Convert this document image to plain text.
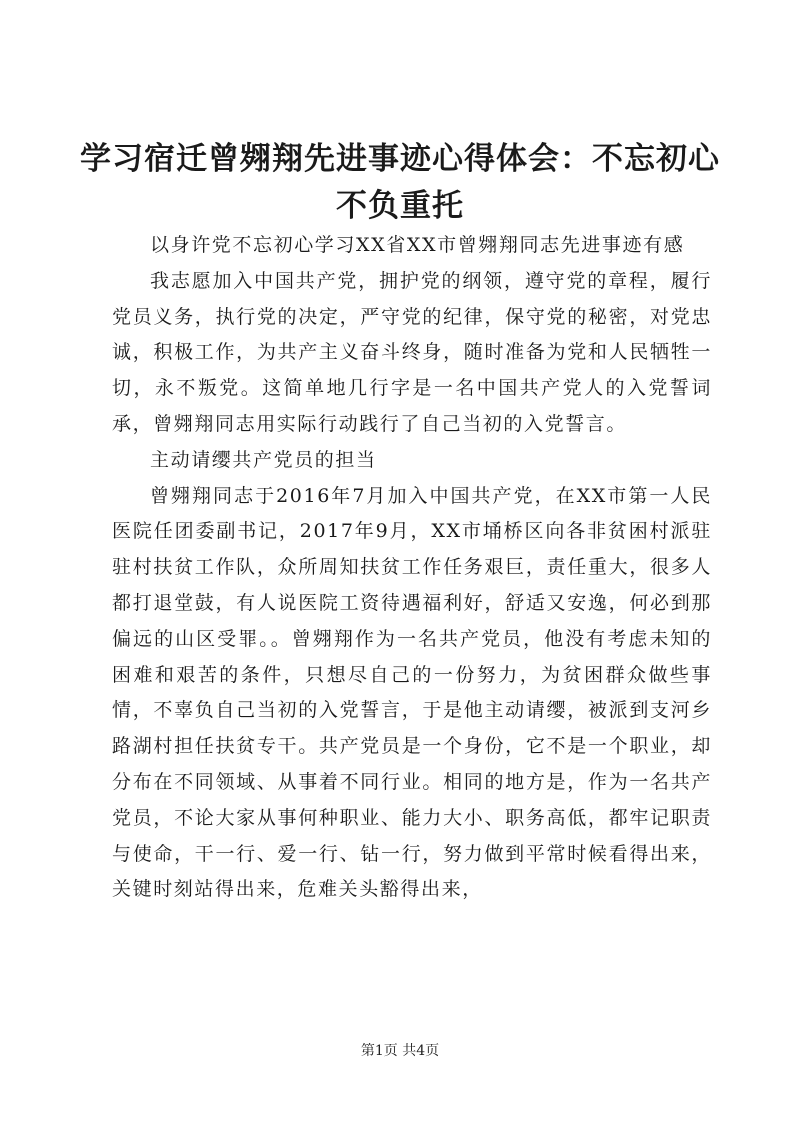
学习宿迁曾翙翔先进事迹心得体会：不忘初心
不负重托

以身许党不忘初心学习XX省XX市曾翙翔同志先进事迹有感

我志愿加入中国共产党，拥护党的纲领，遵守党的章程，履行党员义务，执行党的决定，严守党的纪律，保守党的秘密，对党忠诚，积极工作，为共产主义奋斗终身，随时准备为党和人民牺牲一切，永不叛党。这简单地几行字是一名中国共产党人的入党誓词承，曾翙翔同志用实际行动践行了自己当初的入党誓言。

主动请缨共产党员的担当

曾翙翔同志于2016年7月加入中国共产党，在XX市第一人民医院任团委副书记，2017年9月，XX市埇桥区向各非贫困村派驻驻村扶贫工作队，众所周知扶贫工作任务艰巨，责任重大，很多人都打退堂鼓，有人说医院工资待遇福利好，舒适又安逸，何必到那偏远的山区受罪。。曾翙翔作为一名共产党员，他没有考虑未知的困难和艰苦的条件，只想尽自己的一份努力，为贫困群众做些事情，不辜负自己当初的入党誓言，于是他主动请缨，被派到支河乡路湖村担任扶贫专干。共产党员是一个身份，它不是一个职业，却分布在不同领域、从事着不同行业。相同的地方是，作为一名共产党员，不论大家从事何种职业、能力大小、职务高低，都牢记职责与使命，干一行、爱一行、钻一行，努力做到平常时候看得出来，关键时刻站得出来，危难关头豁得出来，

第1页 共4页
